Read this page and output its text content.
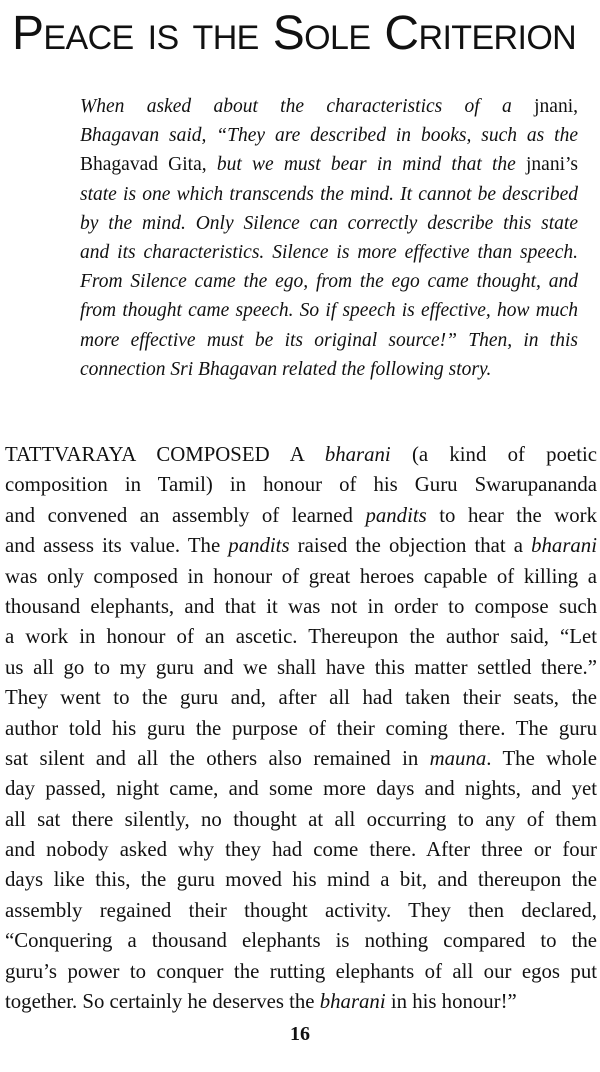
PEACE IS THE SOLE CRITERION
When asked about the characteristics of a jnani,
Bhagavan said, “They are described in books, such as the
Bhagavad Gita, but we must bear in mind that the jnani’s
state is one which transcends the mind. It cannot be described
by the mind. Only Silence can correctly describe this state
and its characteristics. Silence is more effective than speech.
From Silence came the ego, from the ego came thought, and
from thought came speech. So if speech is effective, how much
more effective must be its original source!” Then, in this
connection Sri Bhagavan related the following story.
TATTVARAYA COMPOSED A bharani (a kind of poetic
composition in Tamil) in honour of his Guru Swarupananda
and convened an assembly of learned pandits to hear the work
and assess its value. The pandits raised the objection that a bharani
was only composed in honour of great heroes capable of killing a
thousand elephants, and that it was not in order to compose such
a work in honour of an ascetic. Thereupon the author said, “Let
us all go to my guru and we shall have this matter settled there.”
They went to the guru and, after all had taken their seats, the
author told his guru the purpose of their coming there. The guru
sat silent and all the others also remained in mauna. The whole
day passed, night came, and some more days and nights, and yet
all sat there silently, no thought at all occurring to any of them
and nobody asked why they had come there. After three or four
days like this, the guru moved his mind a bit, and thereupon the
assembly regained their thought activity. They then declared,
“Conquering a thousand elephants is nothing compared to the
guru’s power to conquer the rutting elephants of all our egos put
together. So certainly he deserves the bharani in his honour!”
16
